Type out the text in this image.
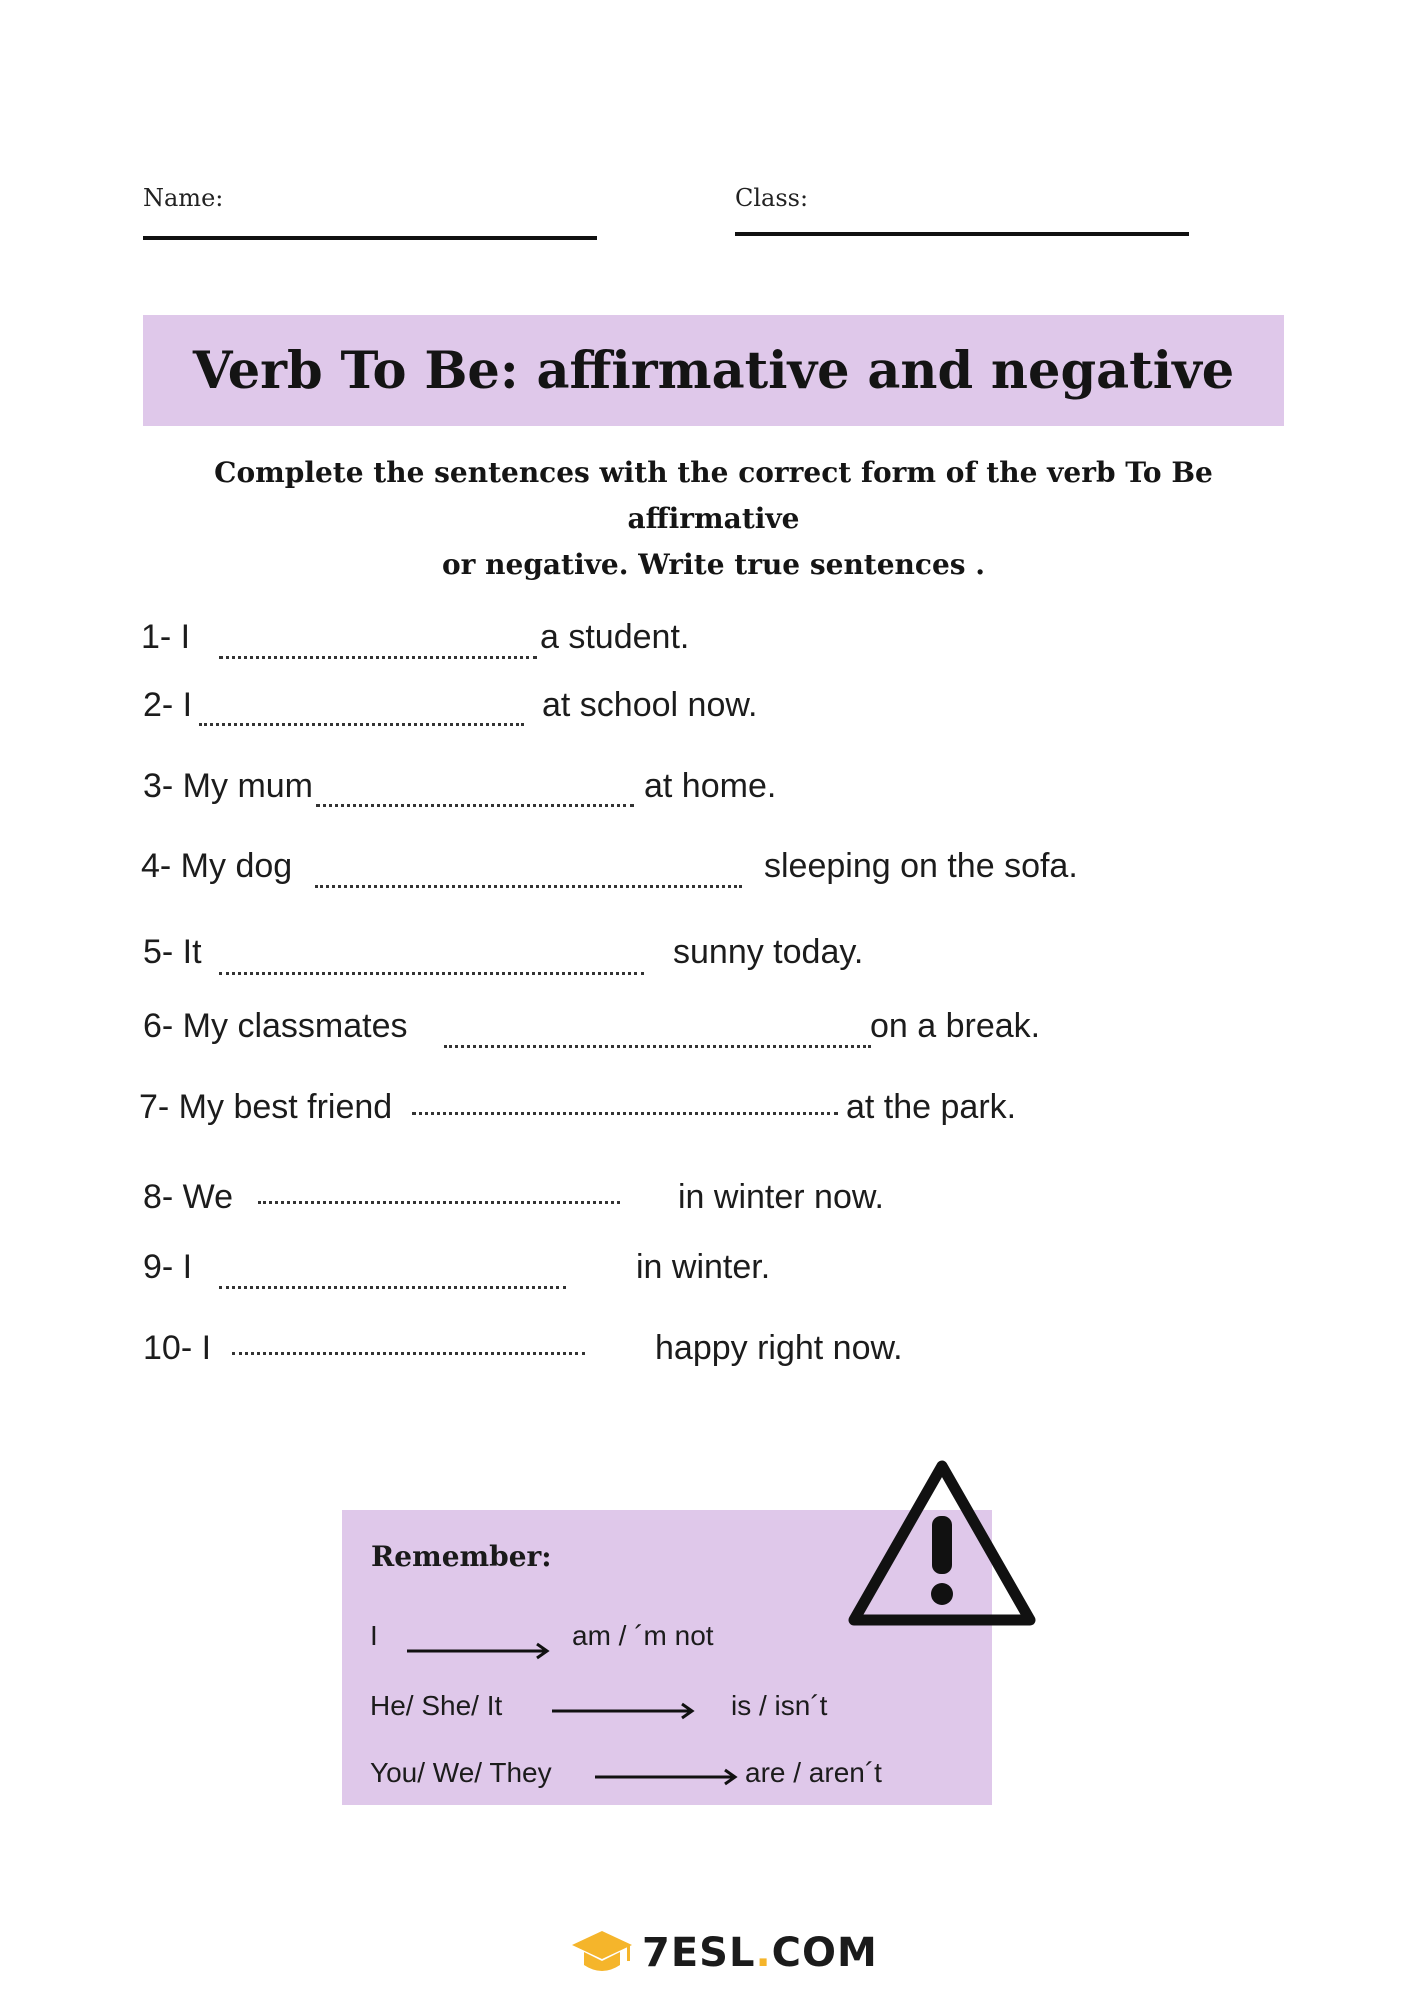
Name:	Class:
Verb To Be: affirmative and negative
Complete the sentences with the correct form of the verb To Be affirmative
or negative. Write true sentences .
1- I	a student.
2- I	at school now.
3- My mum	at home.
4- My dog	sleeping on the sofa.
5- It	sunny today.
6- My classmates	on a break.
7- My best friend	at the park.
8- We	in winter now.
9- I	in winter.
10- I	happy right now.
Remember:
I	am / ´m not
He/ She/ It	is / isn´t
You/ We/ They	are / aren´t
7ESL.COM
